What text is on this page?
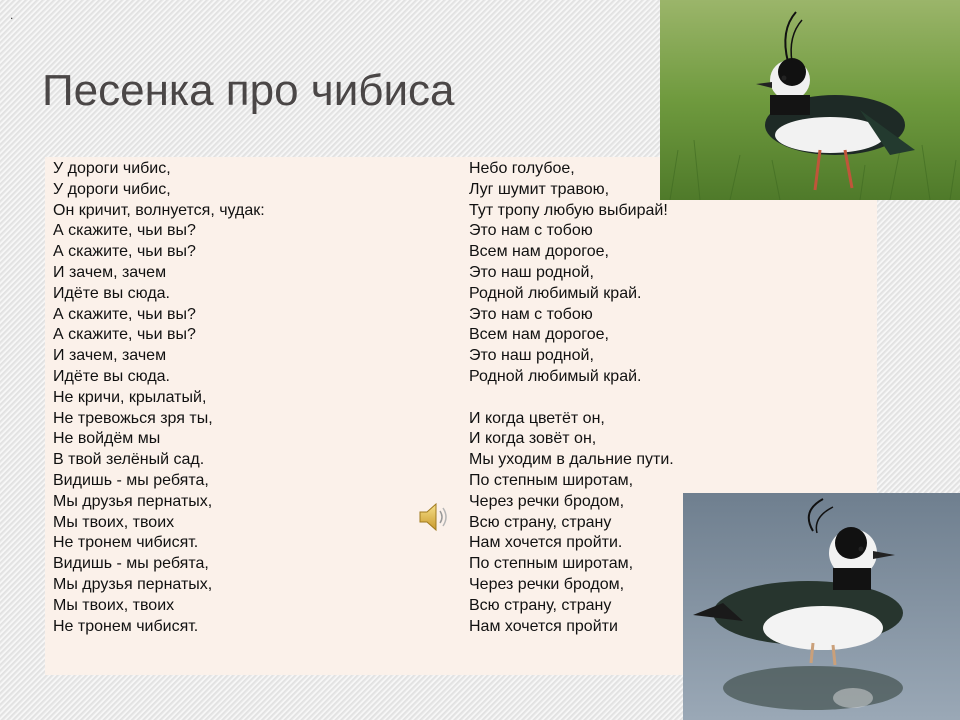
.
Песенка про чибиса
У дороги чибис,
У дороги чибис,
Он кричит, волнуется, чудак:
А скажите, чьи вы?
А скажите, чьи вы?
И зачем, зачем
Идёте вы сюда.
А скажите, чьи вы?
А скажите, чьи вы?
И зачем, зачем
Идёте вы сюда.
Не кричи, крылатый,
Не тревожься зря ты,
Не войдём мы
В твой зелёный сад.
Видишь - мы ребята,
Мы друзья пернатых,
Мы твоих, твоих
Не тронем чибисят.
Видишь - мы ребята,
Мы друзья пернатых,
Мы твоих, твоих
Не тронем чибисят.
Небо голубое,
Луг шумит травою,
Тут тропу любую выбирай!
Это нам с тобою
Всем нам дорогое,
Это наш родной,
Родной любимый край.
Это нам с тобою
Всем нам дорогое,
Это наш родной,
Родной любимый край.
И когда цветёт он,
И когда зовёт он,
Мы уходим в дальние пути.
По степным широтам,
Через речки бродом,
Всю страну, страну
Нам хочется пройти.
По степным широтам,
Через речки бродом,
Всю страну, страну
Нам хочется пройти
